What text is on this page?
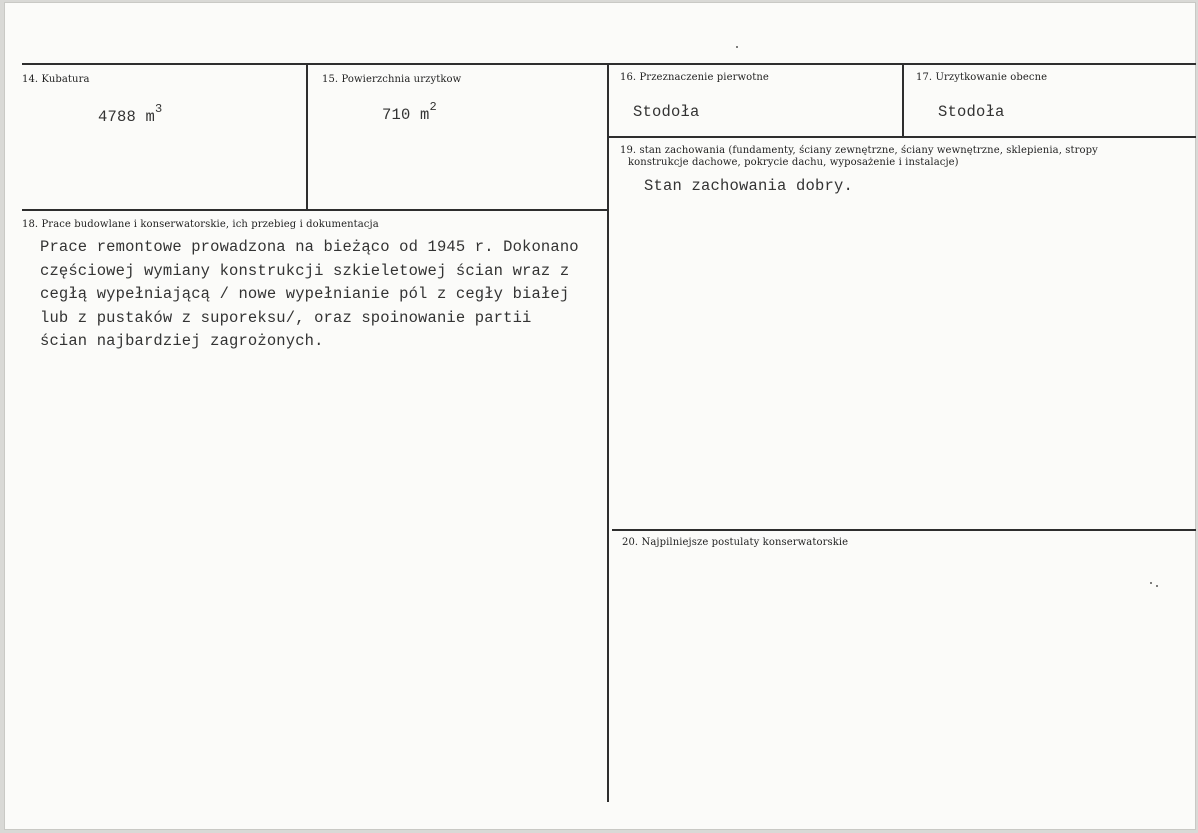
14. Kubatura
4788 $m^3$
15. Powierzchnia urzytkow
710 $m^2$
16. Przeznaczenie pierwotne
Stodoła
17. Urzytkowanie obecne
Stodoła
18. Prace budowlane i konserwatorskie, ich przebieg i dokumentacja
Prace remontowe prowadzona na bieżąco od 1945 r. Dokonano
częściowej wymiany konstrukcji szkieletowej ścian wraz z
cegłą wypełniającą / nowe wypełnianie pól z cegły białej
lub z pustaków z suporeksu/, oraz spoinowanie partii
ścian najbardziej zagrożonych.
19. stan zachowania (fundamenty, ściany zewnętrzne, ściany wewnętrzne, sklepienia, stropy
konstrukcje dachowe, pokrycie dachu, wyposażenie i instalacje)
Stan zachowania dobry.
20. Najpilniejsze postulaty konserwatorskie
